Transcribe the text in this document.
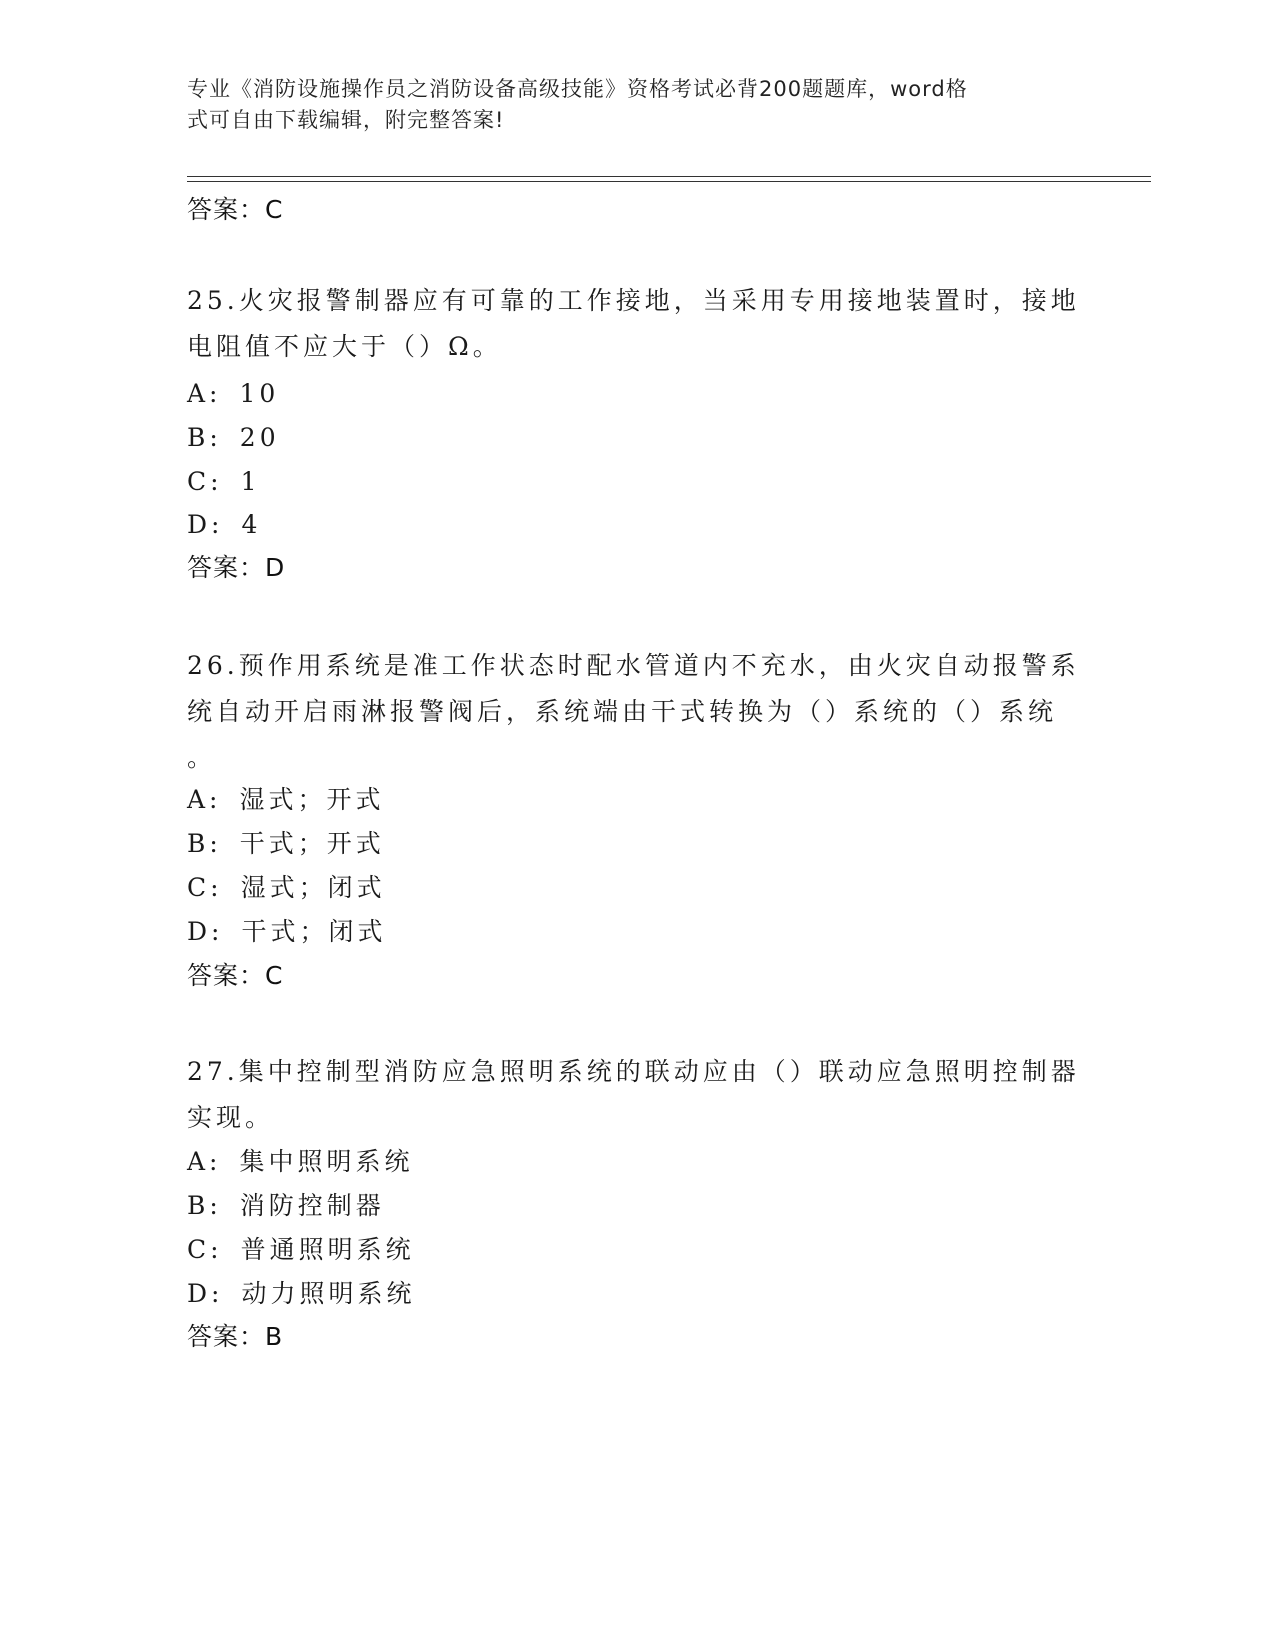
专业《消防设施操作员之消防设备高级技能》资格考试必背200题题库，word格
式可自由下载编辑，附完整答案!
答案：C
25.火灾报警制器应有可靠的工作接地，当采用专用接地装置时，接地
电阻值不应大于（）Ω。
A: 10
B: 20
C: 1
D: 4
答案：D
26.预作用系统是准工作状态时配水管道内不充水，由火灾自动报警系
统自动开启雨淋报警阀后，系统端由干式转换为（）系统的（）系统
。
A: 湿式；开式
B: 干式；开式
C: 湿式；闭式
D: 干式；闭式
答案：C
27.集中控制型消防应急照明系统的联动应由（）联动应急照明控制器
实现。
A: 集中照明系统
B: 消防控制器
C: 普通照明系统
D: 动力照明系统
答案：B
